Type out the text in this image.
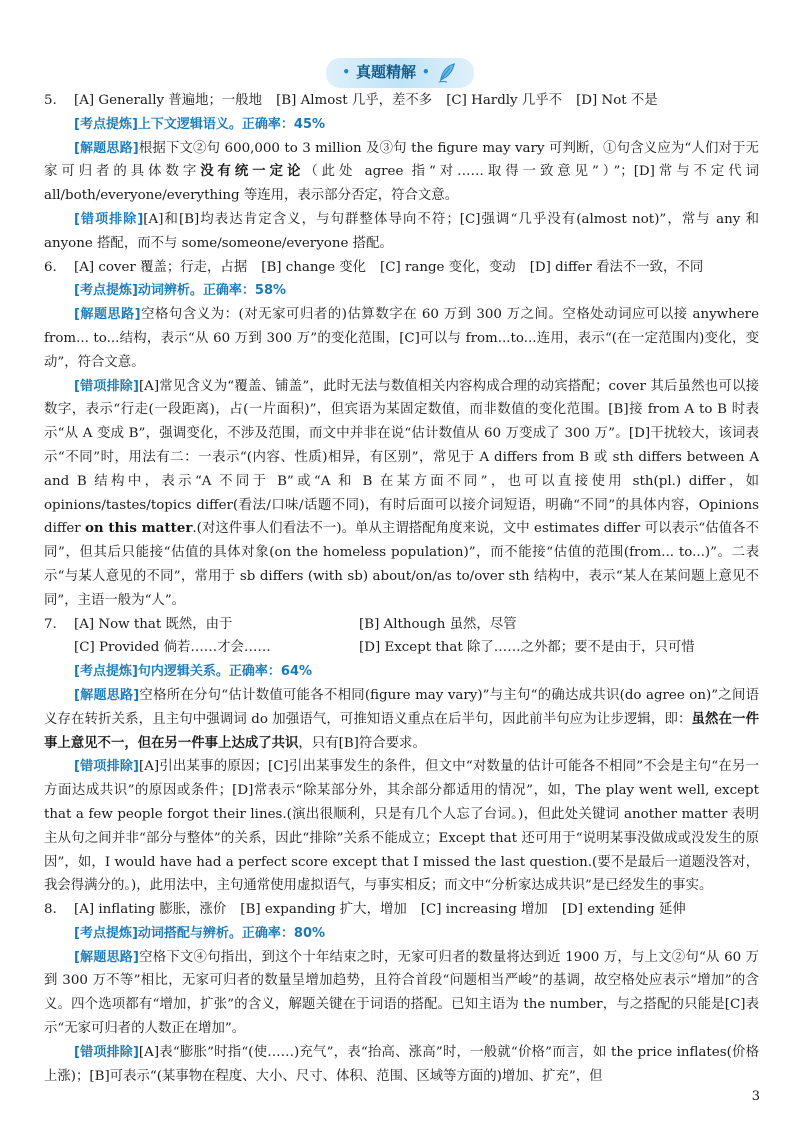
• 真题精解 •
5.	[A] Generally 普遍地；一般地 [B] Almost 几乎，差不多 [C] Hardly 几乎不 [D] Not 不是

[考点提炼]上下文逻辑语义。正确率：45%

[解题思路]根据下文②句 600,000 to 3 million 及③句 the figure may vary 可判断，①句含义应为“人们对于无家可归者的具体数字没有统一定论（此处 agree 指“对……取得一致意见”）”；[D]常与不定代词 all/both/everyone/everything 等连用，表示部分否定，符合文意。

[错项排除][A]和[B]均表达肯定含义，与句群整体导向不符；[C]强调“几乎没有(almost not)”，常与 any 和 anyone 搭配，而不与 some/someone/everyone 搭配。

6.	[A] cover 覆盖；行走，占据 [B] change 变化 [C] range 变化，变动 [D] differ 看法不一致，不同

[考点提炼]动词辨析。正确率：58%

[解题思路]空格句含义为：(对无家可归者的)估算数字在 60 万到 300 万之间。空格处动词应可以接 anywhere from... to...结构，表示“从 60 万到 300 万”的变化范围，[C]可以与 from...to...连用，表示“(在一定范围内)变化，变动”，符合文意。

[错项排除][A]常见含义为“覆盖、铺盖”，此时无法与数值相关内容构成合理的动宾搭配；cover 其后虽然也可以接数字，表示“行走(一段距离)，占(一片面积)”，但宾语为某固定数值，而非数值的变化范围。[B]接 from A to B 时表示“从 A 变成 B”，强调变化，不涉及范围，而文中并非在说“估计数值从 60 万变成了 300 万”。[D]干扰较大，该词表示“不同”时，用法有二：一表示“(内容、性质)相异，有区别”，常见于 A differs from B 或 sth differs between A and B 结构中，表示“A 不同于 B”或“A 和 B 在某方面不同”，也可以直接使用 sth(pl.) differ，如 opinions/tastes/topics differ(看法/口味/话题不同)，有时后面可以接介词短语，明确“不同”的具体内容，Opinions differ on this matter.(对这件事人们看法不一)。单从主谓搭配角度来说，文中 estimates differ 可以表示“估值各不同”，但其后只能接“估值的具体对象(on the homeless population)”，而不能接“估值的范围(from... to...)”。二表示“与某人意见的不同”，常用于 sb differs (with sb) about/on/as to/over sth 结构中，表示“某人在某问题上意见不同”，主语一般为“人”。

7.	[A] Now that 既然，由于	[B] Although 虽然，尽管
[C] Provided 倘若……才会……	[D] Except that 除了……之外都；要不是由于，只可惜

[考点提炼]句内逻辑关系。正确率：64%

[解题思路]空格所在分句“估计数值可能各不相同(figure may vary)”与主句“的确达成共识(do agree on)”之间语义存在转折关系，且主句中强调词 do 加强语气，可推知语义重点在后半句，因此前半句应为让步逻辑，即：虽然在一件事上意见不一，但在另一件事上达成了共识，只有[B]符合要求。

[错项排除][A]引出某事的原因；[C]引出某事发生的条件，但文中“对数量的估计可能各不相同”不会是主句“在另一方面达成共识”的原因或条件；[D]常表示“除某部分外，其余部分都适用的情况”，如，The play went well, except that a few people forgot their lines.(演出很顺利，只是有几个人忘了台词。)，但此处关键词 another matter 表明主从句之间并非“部分与整体”的关系，因此“排除”关系不能成立；Except that 还可用于“说明某事没做成或没发生的原因”，如，I would have had a perfect score except that I missed the last question.(要不是最后一道题没答对，我会得满分的。)，此用法中，主句通常使用虚拟语气，与事实相反；而文中“分析家达成共识”是已经发生的事实。

8.	[A] inflating 膨胀，涨价 [B] expanding 扩大，增加 [C] increasing 增加 [D] extending 延伸

[考点提炼]动词搭配与辨析。正确率：80%

[解题思路]空格下文④句指出，到这个十年结束之时，无家可归者的数量将达到近 1900 万，与上文②句“从 60 万到 300 万不等”相比，无家可归者的数量呈增加趋势，且符合首段“问题相当严峻”的基调，故空格处应表示“增加”的含义。四个选项都有“增加，扩张”的含义，解题关键在于词语的搭配。已知主语为 the number，与之搭配的只能是[C]表示“无家可归者的人数正在增加”。

[错项排除][A]表“膨胀”时指“(使……)充气”，表“抬高、涨高”时，一般就“价格”而言，如 the price inflates(价格上涨)；[B]可表示“(某事物在程度、大小、尺寸、体积、范围、区域等方面的)增加、扩充”，但

3
